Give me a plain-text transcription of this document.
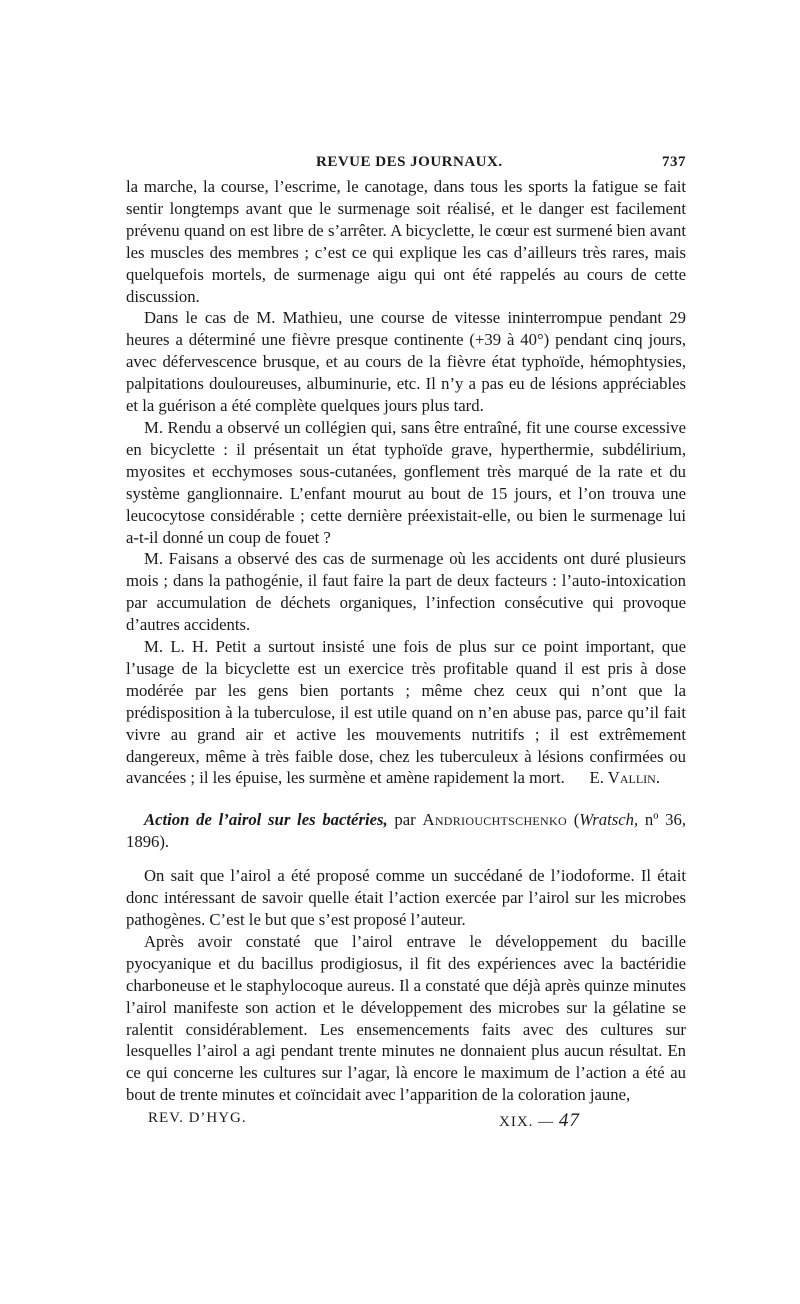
REVUE DES JOURNAUX.	737

la marche, la course, l’escrime, le canotage, dans tous les sports la fatigue se fait sentir longtemps avant que le surmenage soit réalisé, et le danger est facilement prévenu quand on est libre de s’arrêter. A bicyclette, le cœur est surmené bien avant les muscles des membres ; c’est ce qui explique les cas d’ailleurs très rares, mais quelquefois mortels, de surmenage aigu qui ont été rappelés au cours de cette discussion.

Dans le cas de M. Mathieu, une course de vitesse ininterrompue pendant 29 heures a déterminé une fièvre presque continente (+39 à 40°) pendant cinq jours, avec défervescence brusque, et au cours de la fièvre état typhoïde, hémophtysies, palpitations douloureuses, albuminurie, etc. Il n’y a pas eu de lésions appréciables et la guérison a été complète quelques jours plus tard.

M. Rendu a observé un collégien qui, sans être entraîné, fit une course excessive en bicyclette : il présentait un état typhoïde grave, hyperthermie, subdélirium, myosites et ecchymoses sous-cutanées, gonflement très marqué de la rate et du système ganglionnaire. L’enfant mourut au bout de 15 jours, et l’on trouva une leucocytose considérable ; cette dernière préexistait-elle, ou bien le surmenage lui a-t-il donné un coup de fouet ?

M. Faisans a observé des cas de surmenage où les accidents ont duré plusieurs mois ; dans la pathogénie, il faut faire la part de deux facteurs : l’auto-intoxication par accumulation de déchets organiques, l’infection consécutive qui provoque d’autres accidents.

M. L. H. Petit a surtout insisté une fois de plus sur ce point important, que l’usage de la bicyclette est un exercice très profitable quand il est pris à dose modérée par les gens bien portants ; même chez ceux qui n’ont que la prédisposition à la tuberculose, il est utile quand on n’en abuse pas, parce qu’il fait vivre au grand air et active les mouvements nutritifs ; il est extrêmement dangereux, même à très faible dose, chez les tuberculeux à lésions confirmées ou avancées ; il les épuise, les surmène et amène rapidement la mort.	E. Vallin.

Action de l’airol sur les bactéries, par Andriouchtschenko (Wratsch, nº 36, 1896).

On sait que l’airol a été proposé comme un succédané de l’iodoforme. Il était donc intéressant de savoir quelle était l’action exercée par l’airol sur les microbes pathogènes. C’est le but que s’est proposé l’auteur.

Après avoir constaté que l’airol entrave le développement du bacille pyocyanique et du bacillus prodigiosus, il fit des expériences avec la bactéridie charboneuse et le staphylocoque aureus. Il a constaté que déjà après quinze minutes l’airol manifeste son action et le développement des microbes sur la gélatine se ralentit considérablement. Les ensemencements faits avec des cultures sur lesquelles l’airol a agi pendant trente minutes ne donnaient plus aucun résultat. En ce qui concerne les cultures sur l’agar, là encore le maximum de l’action a été au bout de trente minutes et coïncidait avec l’apparition de la coloration jaune,

REV. D’HYG.	XIX. — 47
